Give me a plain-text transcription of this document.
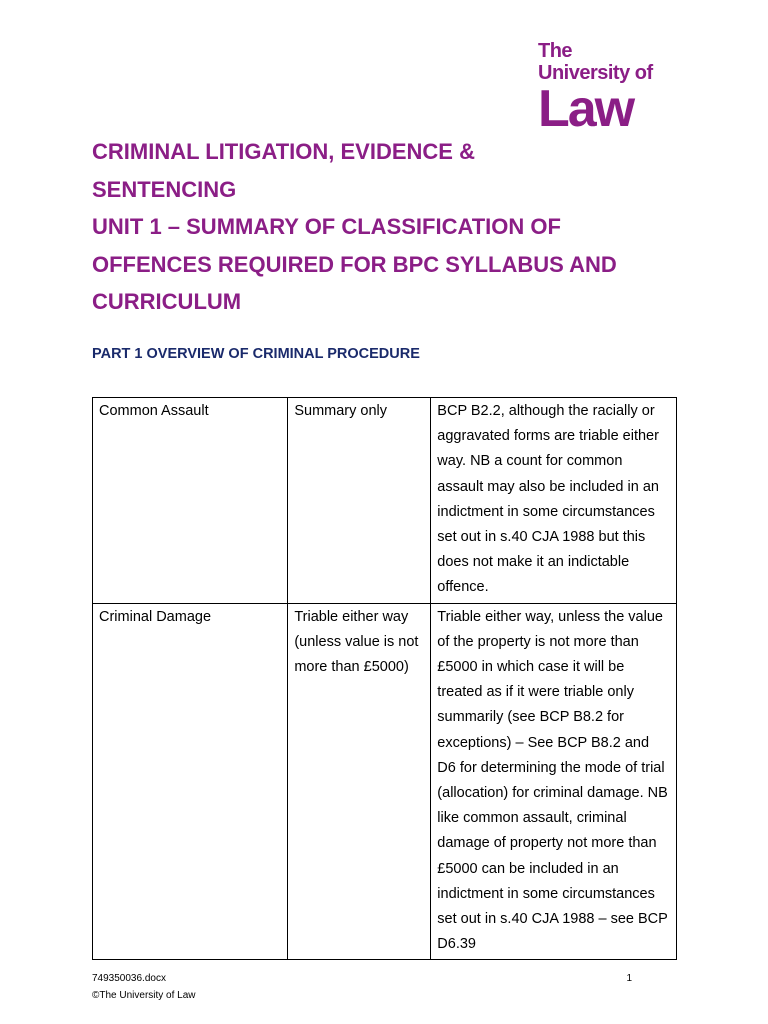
The
University of
Law
CRIMINAL LITIGATION, EVIDENCE &
SENTENCING
UNIT 1 – SUMMARY OF CLASSIFICATION OF
OFFENCES REQUIRED FOR BPC SYLLABUS AND
CURRICULUM
PART 1 OVERVIEW OF CRIMINAL PROCEDURE
Common Assault	Summary only	BCP B2.2, although the racially or aggravated forms are triable either way. NB a count for common assault may also be included in an indictment in some circumstances set out in s.40 CJA 1988 but this does not make it an indictable offence.
Criminal Damage	Triable either way (unless value is not more than £5000)	Triable either way, unless the value of the property is not more than £5000 in which case it will be treated as if it were triable only summarily (see BCP B8.2 for exceptions) – See BCP B8.2 and D6 for determining the mode of trial (allocation) for criminal damage. NB like common assault, criminal damage of property not more than £5000 can be included in an indictment in some circumstances set out in s.40 CJA 1988 – see BCP D6.39
749350036.docx	1
©The University of Law
